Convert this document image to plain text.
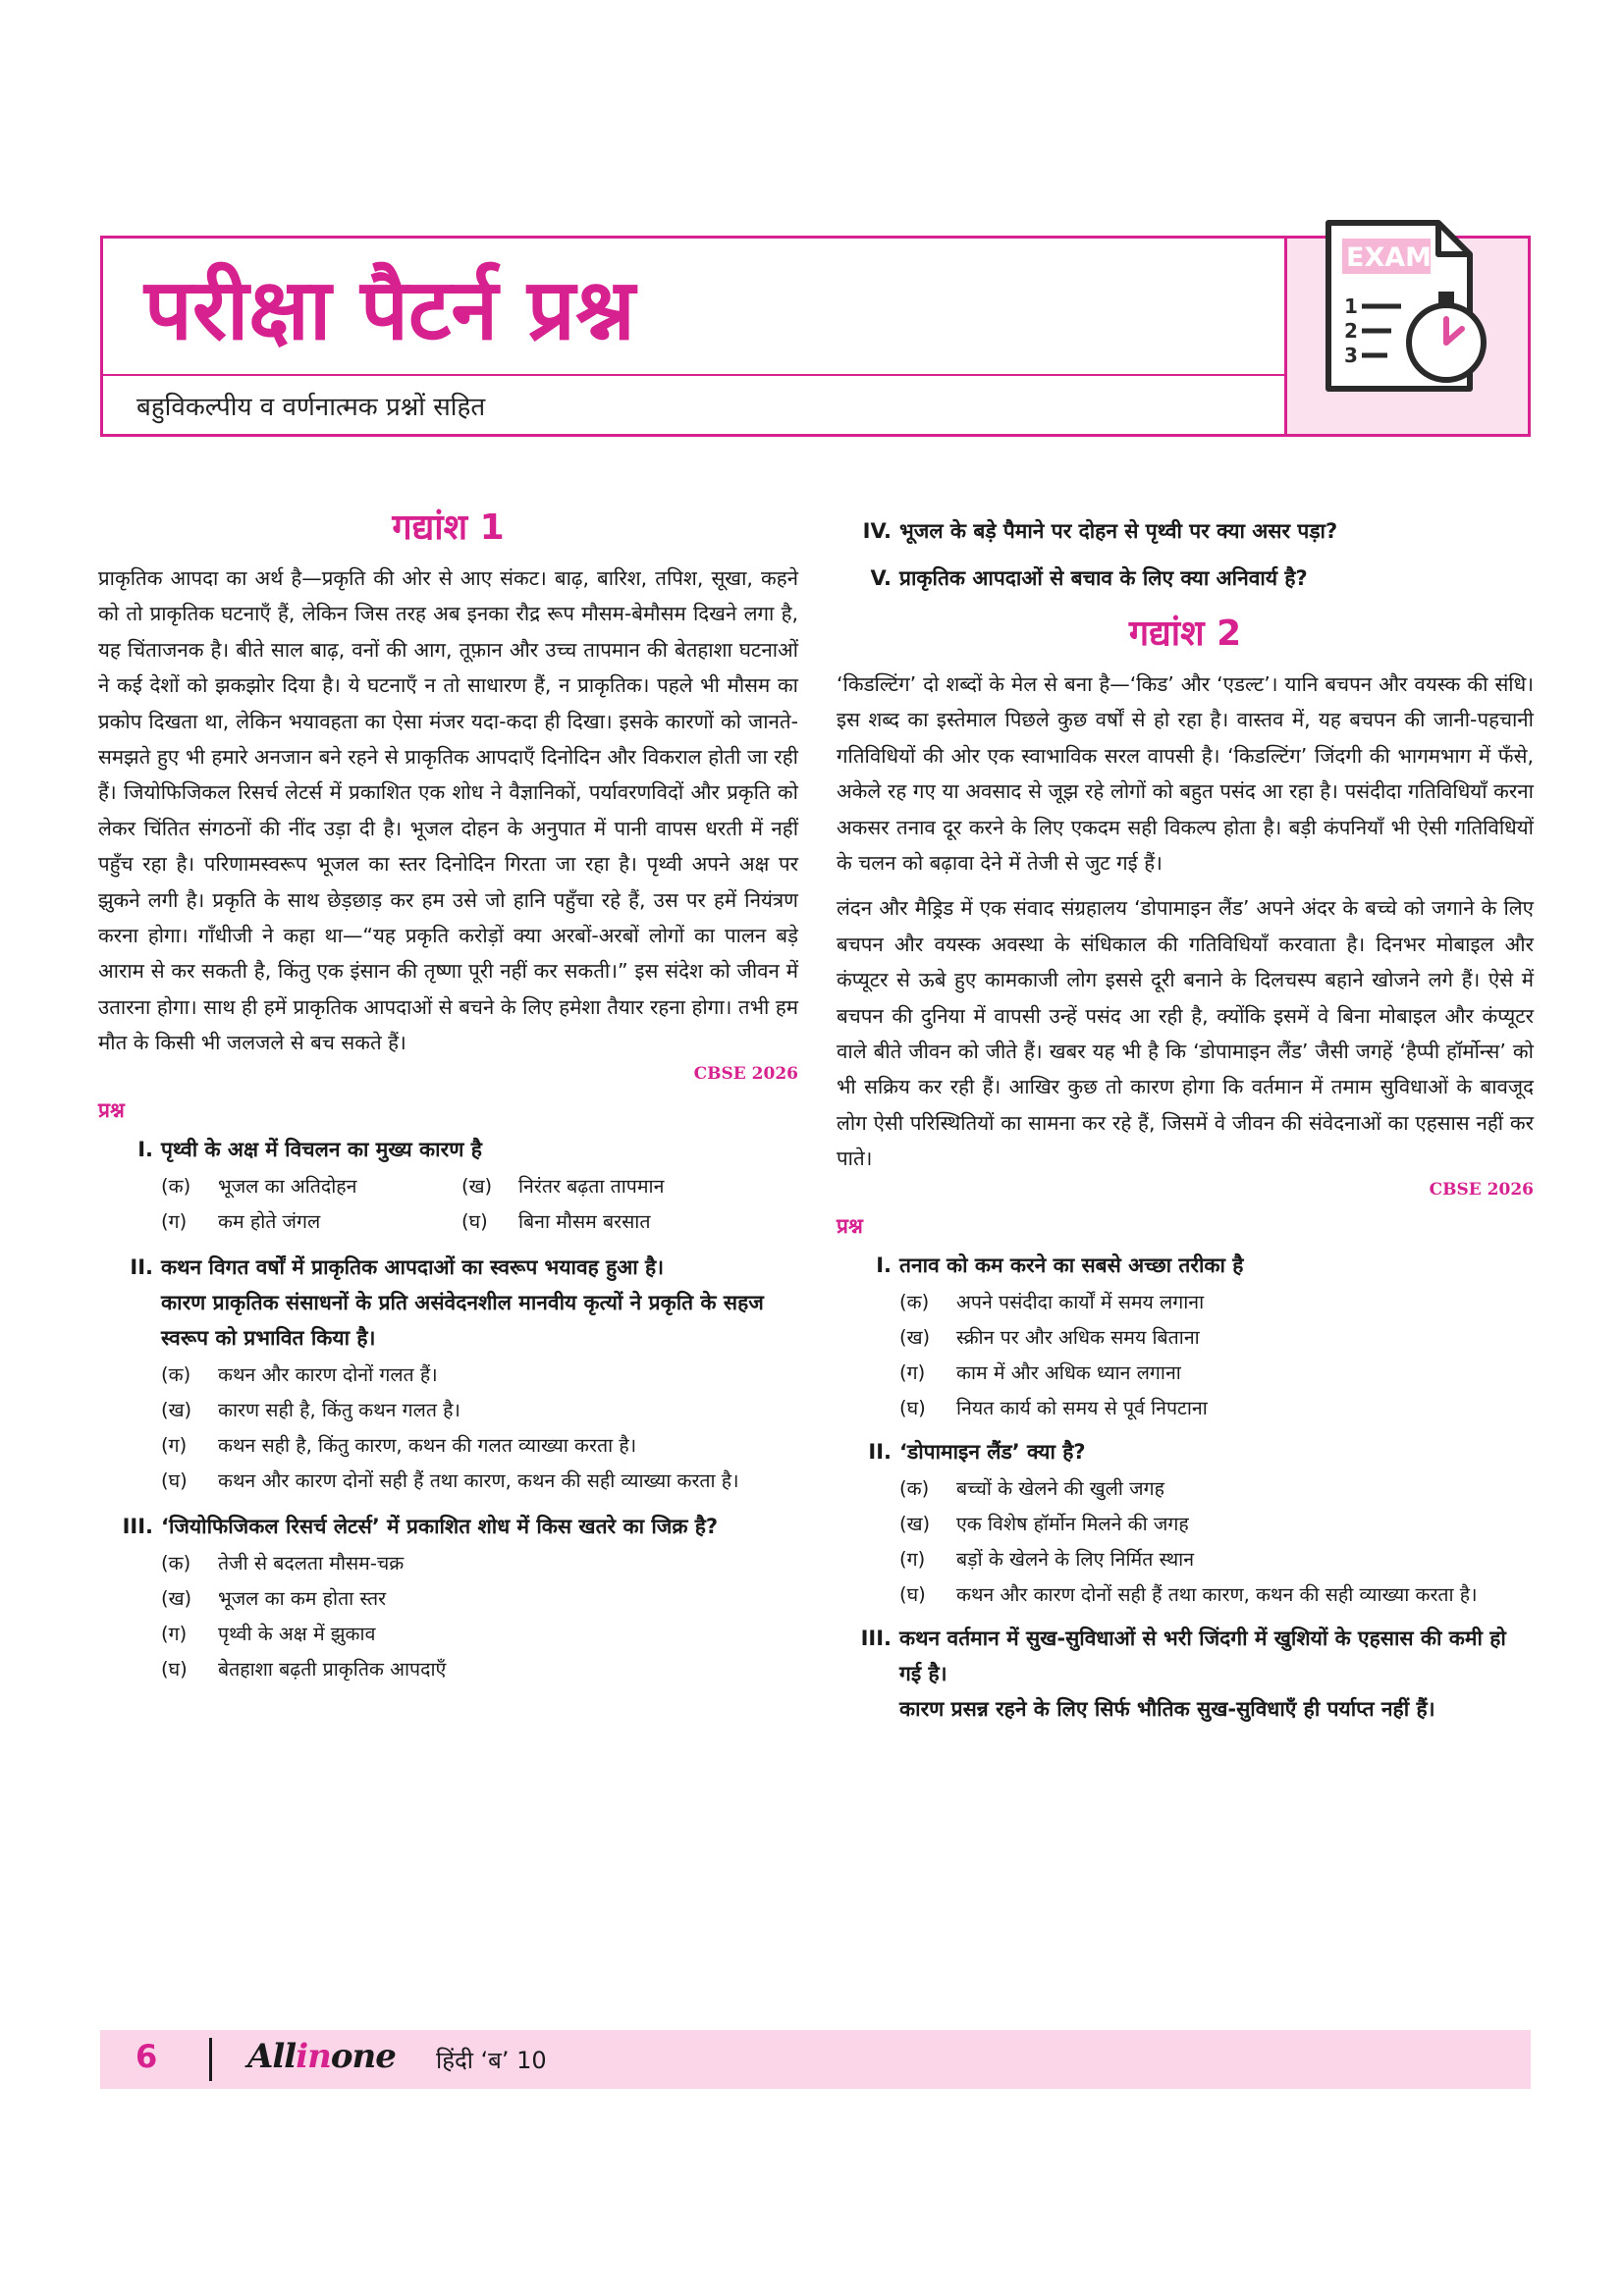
परीक्षा पैटर्न प्रश्न
बहुविकल्पीय व वर्णनात्मक प्रश्नों सहित
EXAM
1
2
3
गद्यांश 1

प्राकृतिक आपदा का अर्थ है—प्रकृति की ओर से आए संकट। बाढ़, बारिश, तपिश, सूखा, कहने को तो प्राकृतिक घटनाएँ हैं, लेकिन जिस तरह अब इनका रौद्र रूप मौसम-बेमौसम दिखने लगा है, यह चिंताजनक है। बीते साल बाढ़, वनों की आग, तूफ़ान और उच्च तापमान की बेतहाशा घटनाओं ने कई देशों को झकझोर दिया है। ये घटनाएँ न तो साधारण हैं, न प्राकृतिक। पहले भी मौसम का प्रकोप दिखता था, लेकिन भयावहता का ऐसा मंजर यदा-कदा ही दिखा। इसके कारणों को जानते-समझते हुए भी हमारे अनजान बने रहने से प्राकृतिक आपदाएँ दिनोदिन और विकराल होती जा रही हैं। जियोफिजिकल रिसर्च लेटर्स में प्रकाशित एक शोध ने वैज्ञानिकों, पर्यावरणविदों और प्रकृति को लेकर चिंतित संगठनों की नींद उड़ा दी है। भूजल दोहन के अनुपात में पानी वापस धरती में नहीं पहुँच रहा है। परिणामस्वरूप भूजल का स्तर दिनोदिन गिरता जा रहा है। पृथ्वी अपने अक्ष पर झुकने लगी है। प्रकृति के साथ छेड़छाड़ कर हम उसे जो हानि पहुँचा रहे हैं, उस पर हमें नियंत्रण करना होगा। गाँधीजी ने कहा था—“यह प्रकृति करोड़ों क्या अरबों-अरबों लोगों का पालन बड़े आराम से कर सकती है, किंतु एक इंसान की तृष्णा पूरी नहीं कर सकती।” इस संदेश को जीवन में उतारना होगा। साथ ही हमें प्राकृतिक आपदाओं से बचने के लिए हमेशा तैयार रहना होगा। तभी हम मौत के किसी भी जलजले से बच सकते हैं।

CBSE 2026
प्रश्न
I. पृथ्वी के अक्ष में विचलन का मुख्य कारण है
(क)	भूजल का अतिदोहन	(ख)	निरंतर बढ़ता तापमान
(ग)	कम होते जंगल	(घ)	बिना मौसम बरसात
II. कथन विगत वर्षों में प्राकृतिक आपदाओं का स्वरूप भयावह हुआ है।
कारण प्राकृतिक संसाधनों के प्रति असंवेदनशील मानवीय कृत्यों ने प्रकृति के सहज स्वरूप को प्रभावित किया है।
(क)	कथन और कारण दोनों गलत हैं।
(ख)	कारण सही है, किंतु कथन गलत है।
(ग)	कथन सही है, किंतु कारण, कथन की गलत व्याख्या करता है।
(घ)	कथन और कारण दोनों सही हैं तथा कारण, कथन की सही व्याख्या करता है।
III. ‘जियोफिजिकल रिसर्च लेटर्स’ में प्रकाशित शोध में किस खतरे का जिक्र है?
(क)	तेजी से बदलता मौसम-चक्र
(ख)	भूजल का कम होता स्तर
(ग)	पृथ्वी के अक्ष में झुकाव
(घ)	बेतहाशा बढ़ती प्राकृतिक आपदाएँ
IV. भूजल के बड़े पैमाने पर दोहन से पृथ्वी पर क्या असर पड़ा?
V. प्राकृतिक आपदाओं से बचाव के लिए क्या अनिवार्य है?
गद्यांश 2

‘किडल्टिंग’ दो शब्दों के मेल से बना है—‘किड’ और ‘एडल्ट’। यानि बचपन और वयस्क की संधि। इस शब्द का इस्तेमाल पिछले कुछ वर्षों से हो रहा है। वास्तव में, यह बचपन की जानी-पहचानी गतिविधियों की ओर एक स्वाभाविक सरल वापसी है। ‘किडल्टिंग’ जिंदगी की भागमभाग में फँसे, अकेले रह गए या अवसाद से जूझ रहे लोगों को बहुत पसंद आ रहा है। पसंदीदा गतिविधियाँ करना अकसर तनाव दूर करने के लिए एकदम सही विकल्प होता है। बड़ी कंपनियाँ भी ऐसी गतिविधियों के चलन को बढ़ावा देने में तेजी से जुट गई हैं।

लंदन और मैड्रिड में एक संवाद संग्रहालय ‘डोपामाइन लैंड’ अपने अंदर के बच्चे को जगाने के लिए बचपन और वयस्क अवस्था के संधिकाल की गतिविधियाँ करवाता है। दिनभर मोबाइल और कंप्यूटर से ऊबे हुए कामकाजी लोग इससे दूरी बनाने के दिलचस्प बहाने खोजने लगे हैं। ऐसे में बचपन की दुनिया में वापसी उन्हें पसंद आ रही है, क्योंकि इसमें वे बिना मोबाइल और कंप्यूटर वाले बीते जीवन को जीते हैं। खबर यह भी है कि ‘डोपामाइन लैंड’ जैसी जगहें ‘हैप्पी हॉर्मोन्स’ को भी सक्रिय कर रही हैं। आखिर कुछ तो कारण होगा कि वर्तमान में तमाम सुविधाओं के बावजूद लोग ऐसी परिस्थितियों का सामना कर रहे हैं, जिसमें वे जीवन की संवेदनाओं का एहसास नहीं कर पाते।

CBSE 2026
प्रश्न
I. तनाव को कम करने का सबसे अच्छा तरीका है
(क)	अपने पसंदीदा कार्यों में समय लगाना
(ख)	स्क्रीन पर और अधिक समय बिताना
(ग)	काम में और अधिक ध्यान लगाना
(घ)	नियत कार्य को समय से पूर्व निपटाना
II. ‘डोपामाइन लैंड’ क्या है?
(क)	बच्चों के खेलने की खुली जगह
(ख)	एक विशेष हॉर्मोन मिलने की जगह
(ग)	बड़ों के खेलने के लिए निर्मित स्थान
(घ)	कथन और कारण दोनों सही हैं तथा कारण, कथन की सही व्याख्या करता है।
III. कथन वर्तमान में सुख-सुविधाओं से भरी जिंदगी में खुशियों के एहसास की कमी हो गई है।
कारण प्रसन्न रहने के लिए सिर्फ भौतिक सुख-सुविधाएँ ही पर्याप्त नहीं हैं।
6	Allinone हिंदी ‘ब’ 10
